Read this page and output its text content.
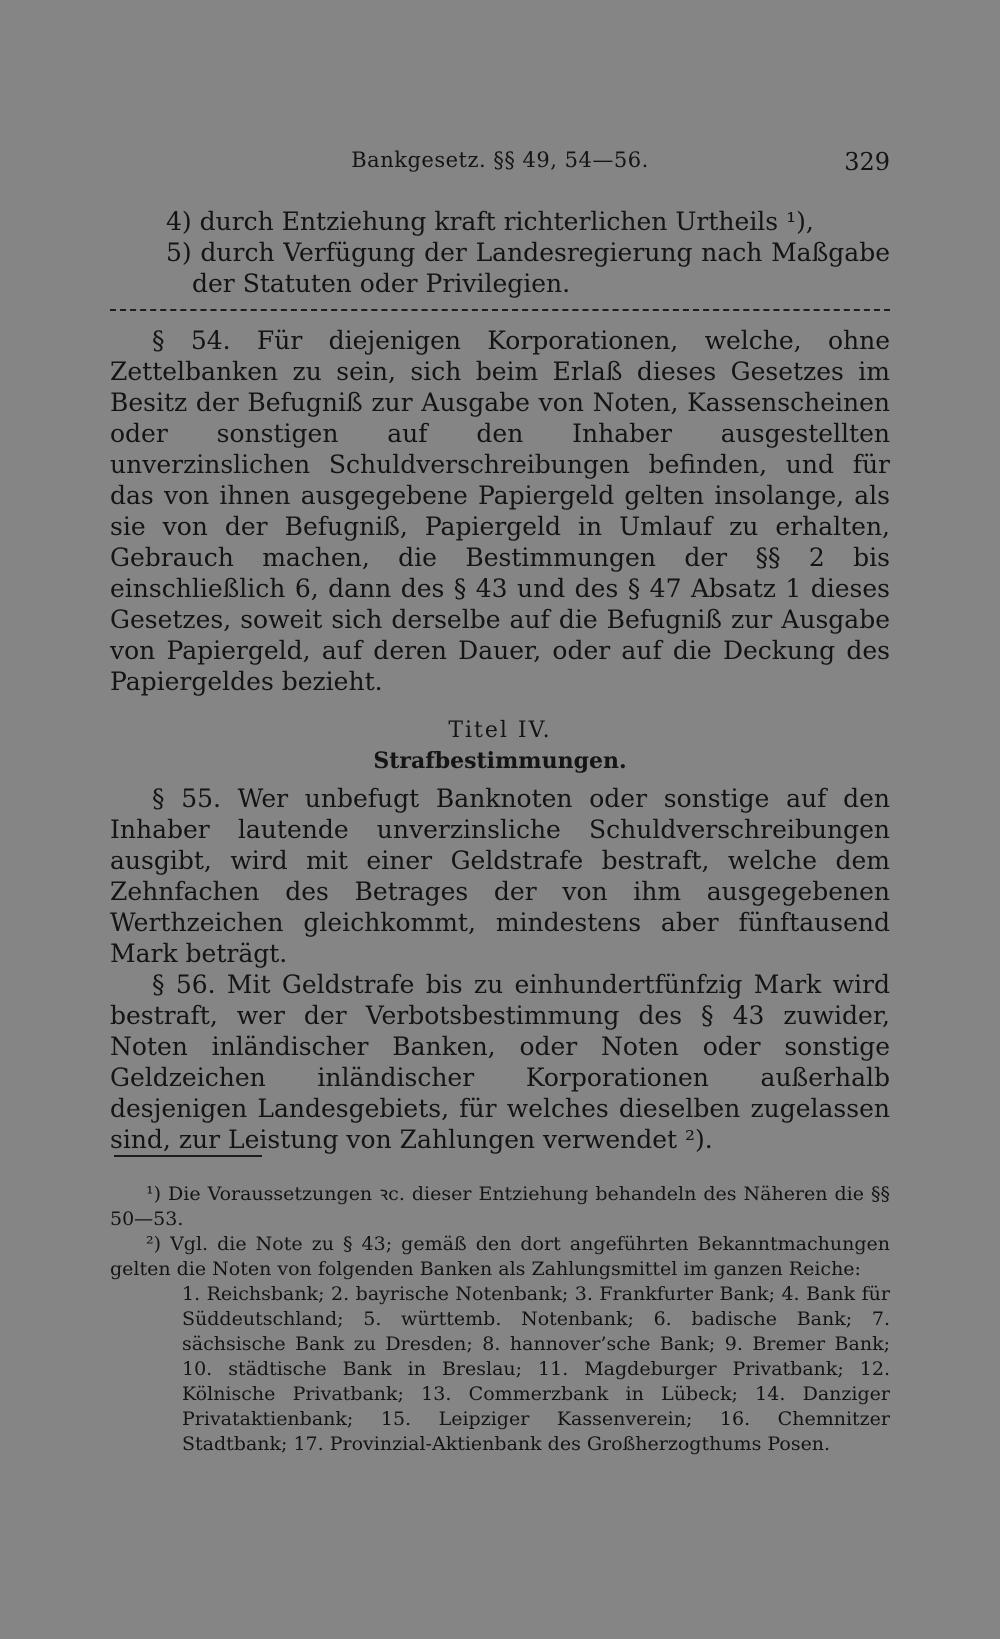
Bankgesetz. §§ 49, 54—56.	329

4) durch Entziehung kraft richterlichen Urtheils ¹),

5) durch Verfügung der Landesregierung nach Maßgabe der Statuten oder Privilegien.

§ 54. Für diejenigen Korporationen, welche, ohne Zettelbanken zu sein, sich beim Erlaß dieses Gesetzes im Besitz der Befugniß zur Ausgabe von Noten, Kassenscheinen oder sonstigen auf den Inhaber ausgestellten unverzinslichen Schuldverschreibungen befinden, und für das von ihnen ausgegebene Papiergeld gelten insolange, als sie von der Befugniß, Papiergeld in Umlauf zu erhalten, Gebrauch machen, die Bestimmungen der §§ 2 bis einschließlich 6, dann des § 43 und des § 47 Absatz 1 dieses Gesetzes, soweit sich derselbe auf die Befugniß zur Ausgabe von Papiergeld, auf deren Dauer, oder auf die Deckung des Papiergeldes bezieht.

Titel IV.

Strafbestimmungen.

§ 55. Wer unbefugt Banknoten oder sonstige auf den Inhaber lautende unverzinsliche Schuldverschreibungen ausgibt, wird mit einer Geldstrafe bestraft, welche dem Zehnfachen des Betrages der von ihm ausgegebenen Werthzeichen gleichkommt, mindestens aber fünftausend Mark beträgt.

§ 56. Mit Geldstrafe bis zu einhundertfünfzig Mark wird bestraft, wer der Verbotsbestimmung des § 43 zuwider, Noten inländischer Banken, oder Noten oder sonstige Geldzeichen inländischer Korporationen außerhalb desjenigen Landesgebiets, für welches dieselben zugelassen sind, zur Leistung von Zahlungen verwendet ²).

¹) Die Voraussetzungen ꝛc. dieser Entziehung behandeln des Näheren die §§ 50—53.

²) Vgl. die Note zu § 43; gemäß den dort angeführten Bekanntmachungen gelten die Noten von folgenden Banken als Zahlungsmittel im ganzen Reiche:

1. Reichsbank; 2. bayrische Notenbank; 3. Frankfurter Bank; 4. Bank für Süddeutschland; 5. württemb. Notenbank; 6. badische Bank; 7. sächsische Bank zu Dresden; 8. hannover’sche Bank; 9. Bremer Bank; 10. städtische Bank in Breslau; 11. Magdeburger Privatbank; 12. Kölnische Privatbank; 13. Commerzbank in Lübeck; 14. Danziger Privataktienbank; 15. Leipziger Kassenverein; 16. Chemnitzer Stadtbank; 17. Provinzial-Aktienbank des Großherzogthums Posen.
